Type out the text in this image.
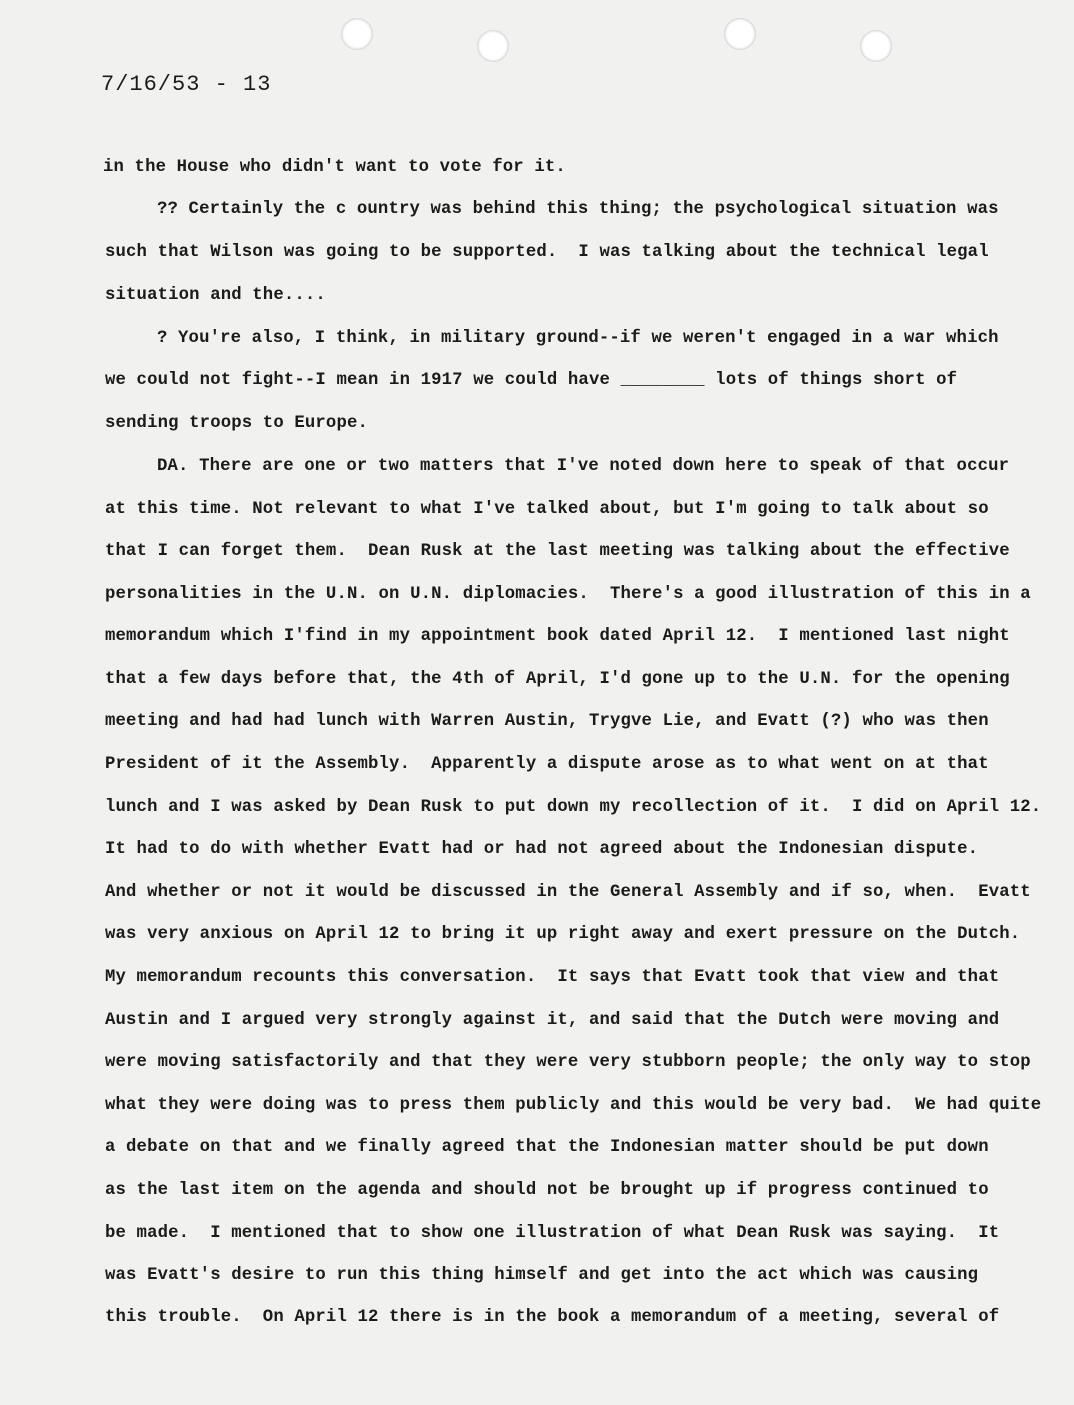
7/16/53 - 13
in the House who didn't want to vote for it.
?? Certainly the c ountry was behind this thing; the psychological situation was
such that Wilson was going to be supported.  I was talking about the technical legal
situation and the....
? You're also, I think, in military ground--if we weren't engaged in a war which
we could not fight--I mean in 1917 we could have ________ lots of things short of
sending troops to Europe.
DA. There are one or two matters that I've noted down here to speak of that occur
at this time. Not relevant to what I've talked about, but I'm going to talk about so
that I can forget them.  Dean Rusk at the last meeting was talking about the effective
personalities in the U.N. on U.N. diplomacies.  There's a good illustration of this in a
memorandum which I'find in my appointment book dated April 12.  I mentioned last night
that a few days before that, the 4th of April, I'd gone up to the U.N. for the opening
meeting and had had lunch with Warren Austin, Trygve Lie, and Evatt (?) who was then
President of it the Assembly.  Apparently a dispute arose as to what went on at that
lunch and I was asked by Dean Rusk to put down my recollection of it.  I did on April 12.
It had to do with whether Evatt had or had not agreed about the Indonesian dispute.
And whether or not it would be discussed in the General Assembly and if so, when.  Evatt
was very anxious on April 12 to bring it up right away and exert pressure on the Dutch.
My memorandum recounts this conversation.  It says that Evatt took that view and that
Austin and I argued very strongly against it, and said that the Dutch were moving and
were moving satisfactorily and that they were very stubborn people; the only way to stop
what they were doing was to press them publicly and this would be very bad.  We had quite
a debate on that and we finally agreed that the Indonesian matter should be put down
as the last item on the agenda and should not be brought up if progress continued to
be made.  I mentioned that to show one illustration of what Dean Rusk was saying.  It
was Evatt's desire to run this thing himself and get into the act which was causing
this trouble.  On April 12 there is in the book a memorandum of a meeting, several of
